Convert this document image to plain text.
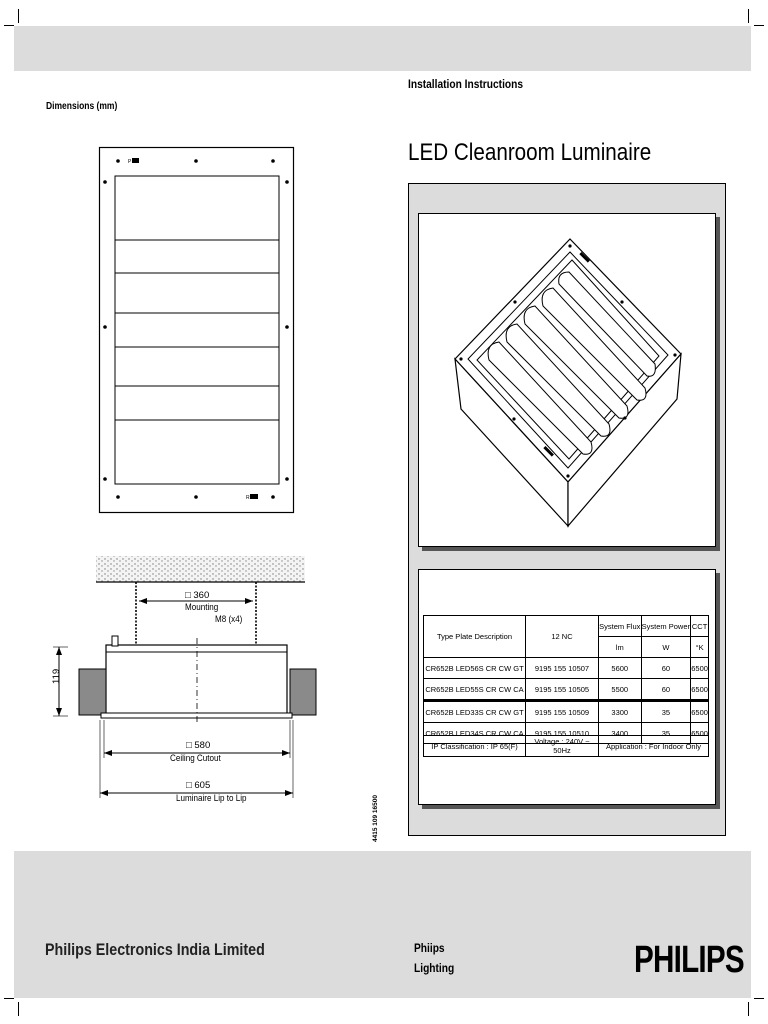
Installation Instructions
Dimensions (mm)
LED Cleanroom Luminaire
P R
R
□ 360
Mounting
M8 (x4)
119
□ 580
Ceiling Cutout
□ 605
Luminaire Lip to Lip	4415 109 16500
Type Plate Description	12 NC	System Flux	System Power	CCT
		lm	W	°K
CR652B LED56S CR CW GT	9195 155 10507	5600	60	6500
CR652B LED55S CR CW CA	9195 155 10505	5500	60	6500
CR652B LED33S CR CW GT	9195 155 10509	3300	35	6500
CR652B LED34S CR CW CA	9195 155 10510	3400	35	6500
IP Classification : IP 65(F)	Voltage : 240V ~ 50Hz	Application : For Indoor Only
Philips Electronics India Limited	Phiips
Lighting	PHILIPS
